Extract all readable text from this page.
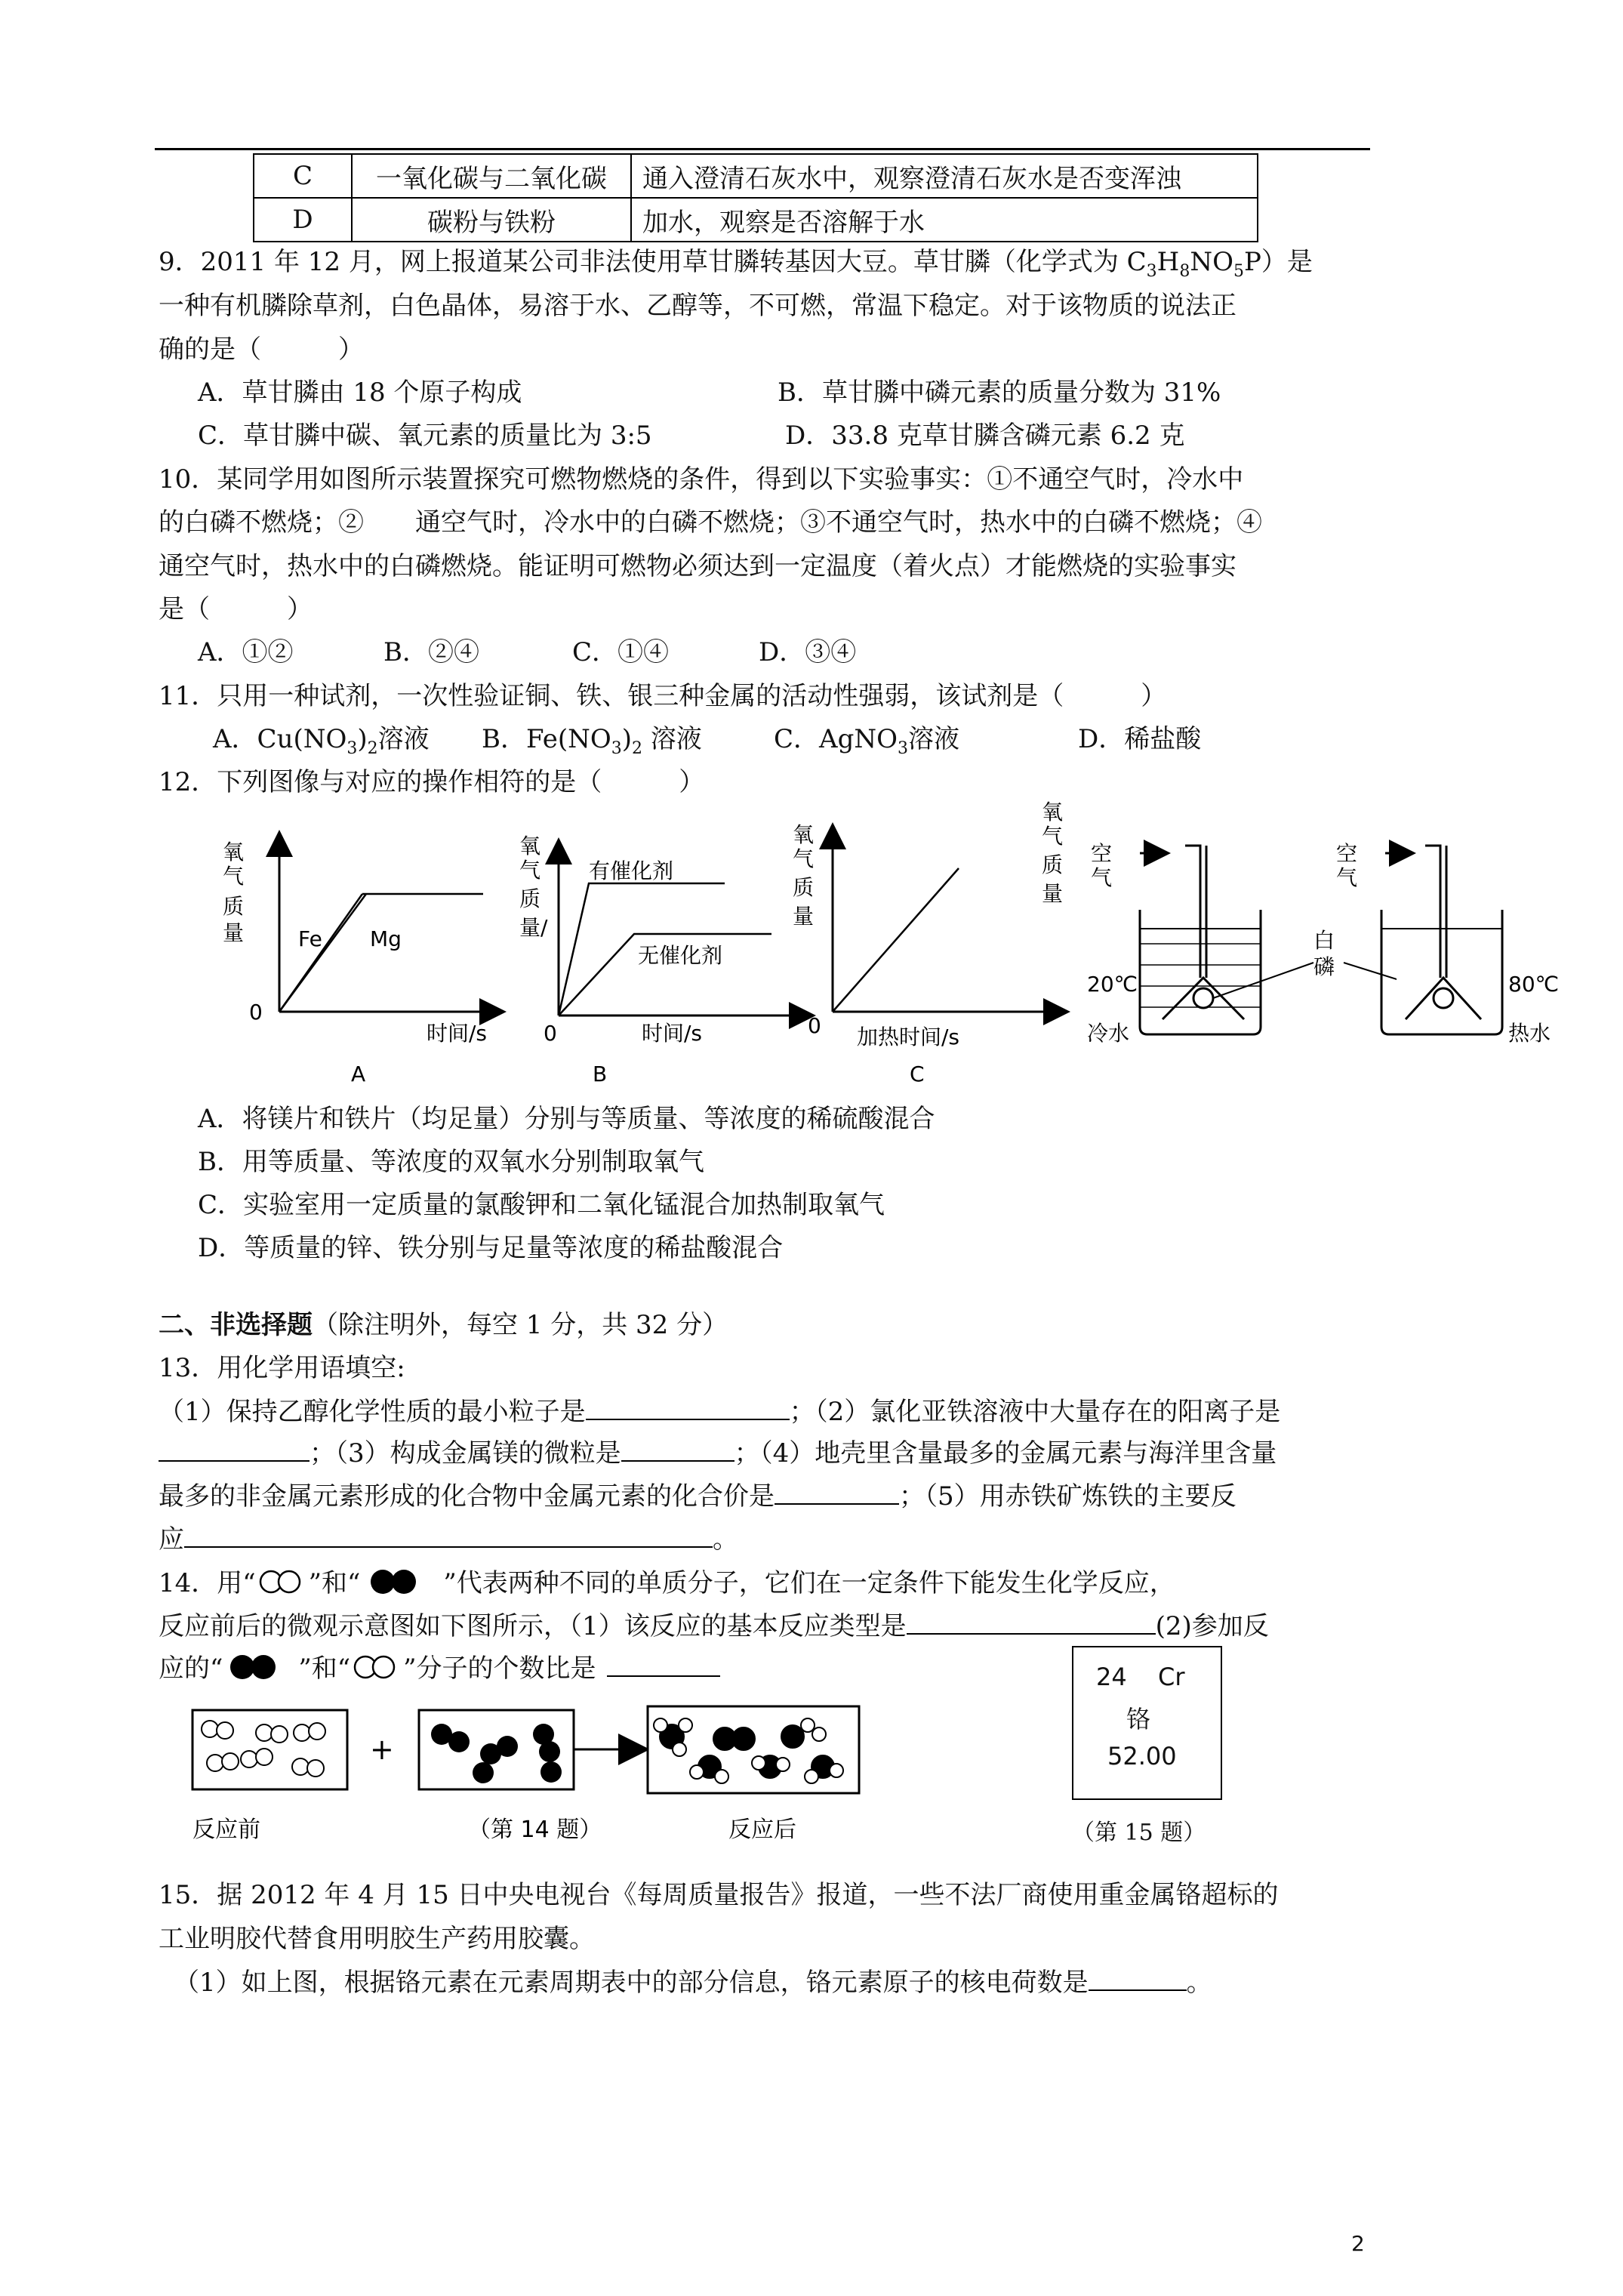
C	一氧化碳与二氧化碳	通入澄清石灰水中，观察澄清石灰水是否变浑浊
D	碳粉与铁粉	加水，观察是否溶解于水
9．2011 年 12 月，网上报道某公司非法使用草甘膦转基因大豆。草甘膦（化学式为 $C_3H_8NO_5P$）是
一种有机膦除草剂，白色晶体，易溶于水、乙醇等，不可燃，常温下稳定。对于该物质的说法正
确的是（　　　）
A．草甘膦由 18 个原子构成	B．草甘膦中磷元素的质量分数为 31%
C．草甘膦中碳、氧元素的质量比为 3:5	D．33.8 克草甘膦含磷元素 6.2 克
10．某同学用如图所示装置探究可燃物燃烧的条件，得到以下实验事实：①不通空气时，冷水中
的白磷不燃烧；②　　通空气时，冷水中的白磷不燃烧；③不通空气时，热水中的白磷不燃烧；④
通空气时，热水中的白磷燃烧。能证明可燃物必须达到一定温度（着火点）才能燃烧的实验事实
是（　　　）
A．①②	B．②④	C．①④	D．③④
11．只用一种试剂，一次性验证铜、铁、银三种金属的活动性强弱，该试剂是（　　　）
A．$Cu(NO_3)_2$溶液 B．$Fe(NO_3)_2$ 溶液	C．AgNO$_3$溶液	D．稀盐酸
12．下列图像与对应的操作相符的是（　　　）
氧
气
质
量	Fe Mg
0
时间/s
A
氧
气
质
量/
有催化剂
无催化剂
0	时间/s
B
氧
气
质
量
0 加热时间/s
C
氧
气
质
量
空
气
20℃
冷水
白
磷
空
气
80℃
热水
A．将镁片和铁片（均足量）分别与等质量、等浓度的稀硫酸混合
B．用等质量、等浓度的双氧水分别制取氧气
C．实验室用一定质量的氯酸钾和二氧化锰混合加热制取氧气
D．等质量的锌、铁分别与足量等浓度的稀盐酸混合
二、非选择题（除注明外，每空 1 分，共 32 分）
13．用化学用语填空:
（1）保持乙醇化学性质的最小粒子是	；（2）氯化亚铁溶液中大量存在的阳离子是
；（3）构成金属镁的微粒是	；（4）地壳里含量最多的金属元素与海洋里含量
最多的非金属元素形成的化合物中金属元素的化合价是	；（5）用赤铁矿炼铁的主要反
应	。
14．用“ ”和“	”代表两种不同的单质分子，它们在一定条件下能发生化学反应，
反应前后的微观示意图如下图所示，（1）该反应的基本反应类型是	(2)参加反
应的“	”和“ ”分子的个数比是
反应前
+
（第 14 题）	反应后
24 Cr
铬
52.00
（第 15 题）
15．据 2012 年 4 月 15 日中央电视台《每周质量报告》报道，一些不法厂商使用重金属铬超标的
工业明胶代替食用明胶生产药用胶囊。
（1）如上图，根据铬元素在元素周期表中的部分信息，铬元素原子的核电荷数是	。
2
